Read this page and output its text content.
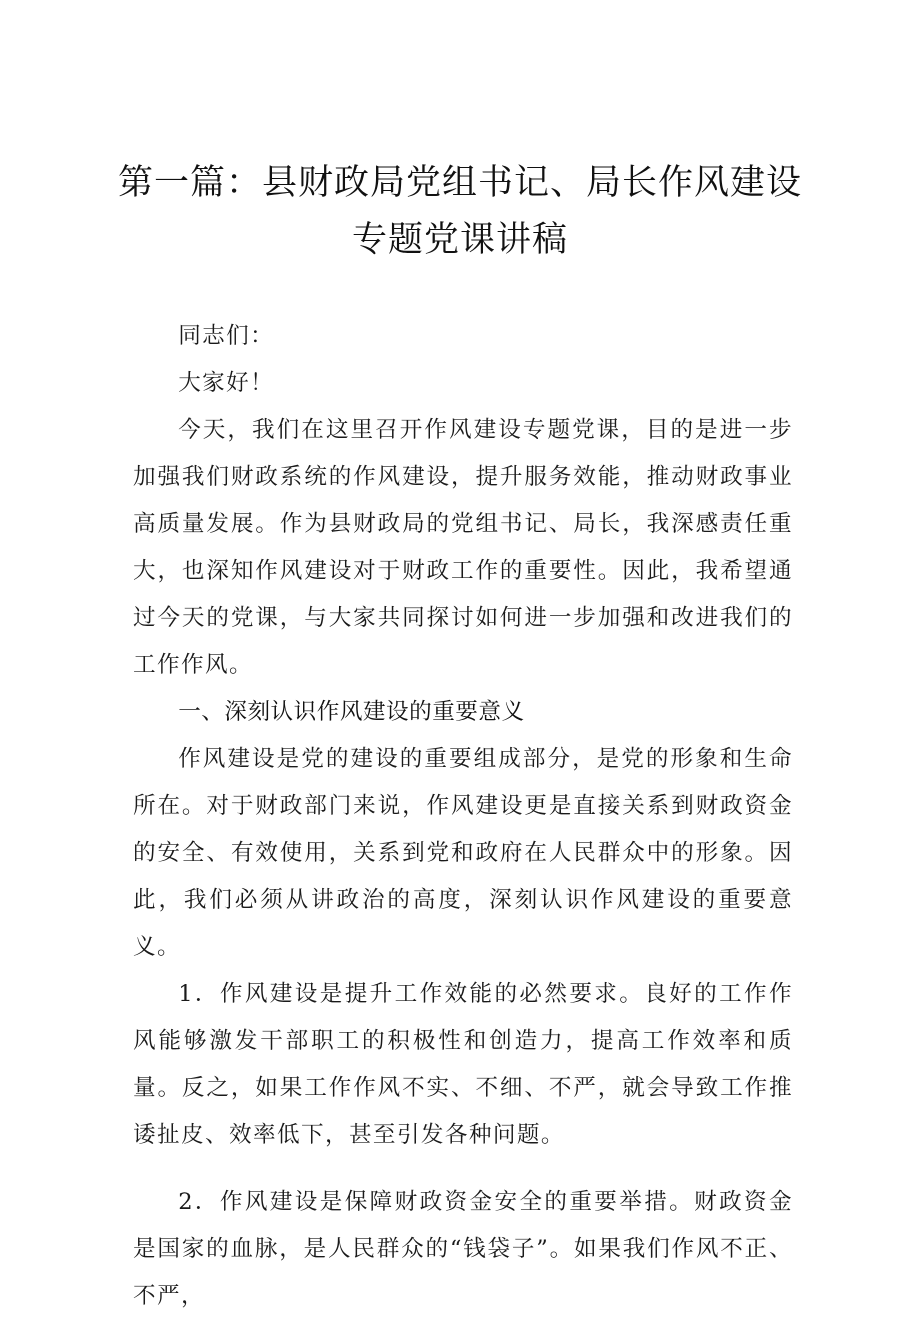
第一篇：县财政局党组书记、局长作风建设
专题党课讲稿

同志们：

大家好！

今天，我们在这里召开作风建设专题党课，目的是进一步加强我们财政系统的作风建设，提升服务效能，推动财政事业高质量发展。作为县财政局的党组书记、局长，我深感责任重大，也深知作风建设对于财政工作的重要性。因此，我希望通过今天的党课，与大家共同探讨如何进一步加强和改进我们的工作作风。

一、深刻认识作风建设的重要意义

作风建设是党的建设的重要组成部分，是党的形象和生命所在。对于财政部门来说，作风建设更是直接关系到财政资金的安全、有效使用，关系到党和政府在人民群众中的形象。因此，我们必须从讲政治的高度，深刻认识作风建设的重要意义。

1．作风建设是提升工作效能的必然要求。良好的工作作风能够激发干部职工的积极性和创造力，提高工作效率和质量。反之，如果工作作风不实、不细、不严，就会导致工作推诿扯皮、效率低下，甚至引发各种问题。

2．作风建设是保障财政资金安全的重要举措。财政资金是国家的血脉，是人民群众的“钱袋子”。如果我们作风不正、不严，
